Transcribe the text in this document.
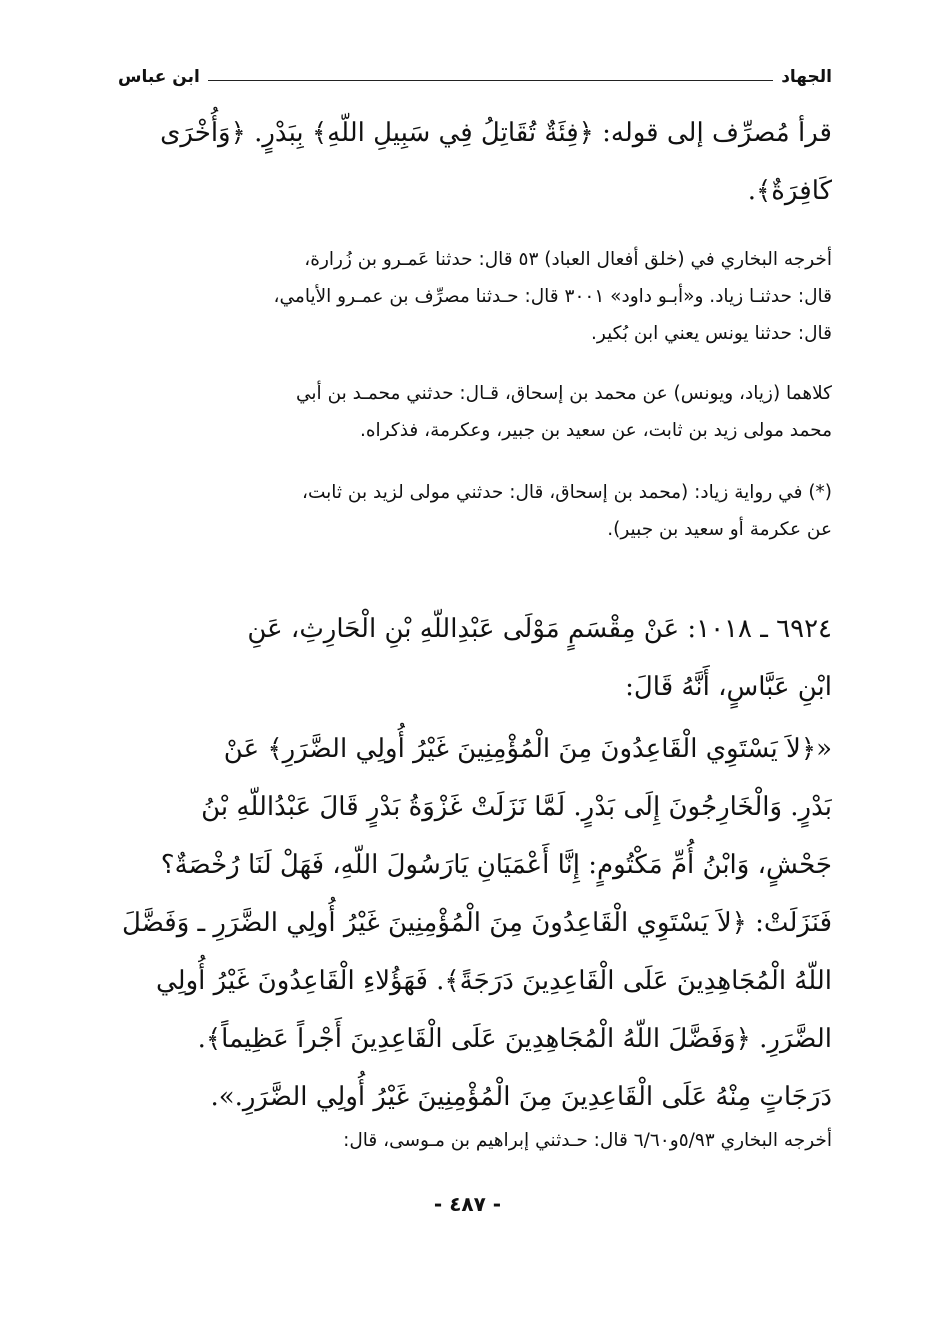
الجهاد
ابن عباس
قرأ مُصرِّف إلى قوله: ﴿فِئَةٌ تُقَاتِلُ فِي سَبِيلِ اللّهِ﴾ بِبَدْرٍ. ﴿وَأُخْرَى
كَافِرَةٌ﴾.
أخرجه البخاري في (خلق أفعال العباد) ٥٣ قال: حدثنا عَمـرو بن زُرارة،
قال: حدثنـا زياد. و«أبـو داود» ٣٠٠١ قال: حـدثنا مصرِّف بن عمـرو الأيامي،
قال: حدثنا يونس يعني ابن بُكير.
كلاهما (زياد، ويونس) عن محمد بن إسحاق، قـال: حدثني محمـد بن أبي
محمد مولى زيد بن ثابت، عن سعيد بن جبير، وعكرمة، فذكراه.
(*) في رواية زياد: (محمد بن إسحاق، قال: حدثني مولى لزيد بن ثابت،
عن عكرمة أو سعيد بن جبير).
٦٩٢٤ ـ ١٠١٨: عَنْ مِقْسَمٍ مَوْلَى عَبْدِاللّهِ بْنِ الْحَارِثِ، عَنِ
ابْنِ عَبَّاسٍ، أَنَّهُ قَالَ:
«﴿لاَ يَسْتَوِي الْقَاعِدُونَ مِنَ الْمُؤْمِنِينَ غَيْرُ أُولِي الضَّرَرِ﴾ عَنْ
بَدْرٍ. وَالْخَارِجُونَ إِلَى بَدْرٍ. لَمَّا نَزَلَتْ غَزْوَةُ بَدْرٍ قَالَ عَبْدُاللّهِ بْنُ
جَحْشٍ، وَابْنُ أُمِّ مَكْتُومٍ: إِنَّا أَعْمَيَانِ يَارَسُولَ اللّهِ، فَهَلْ لَنَا رُخْصَةٌ؟
فَنَزَلَتْ: ﴿لاَ يَسْتَوِي الْقَاعِدُونَ مِنَ الْمُؤْمِنِينَ غَيْرُ أُولِي الضَّرَرِ ـ وَفَضَّلَ
اللّهُ الْمُجَاهِدِينَ عَلَى الْقَاعِدِينَ دَرَجَةً﴾. فَهَؤُلاءِ الْقَاعِدُونَ غَيْرُ أُولِي
الضَّرَرِ. ﴿وَفَضَّلَ اللّهُ الْمُجَاهِدِينَ عَلَى الْقَاعِدِينَ أَجْراً عَظِيماً﴾.
دَرَجَاتٍ مِنْهُ عَلَى الْقَاعِدِينَ مِنَ الْمُؤْمِنِينَ غَيْرُ أُولِي الضَّرَرِ.».
أخرجه البخاري ٥/٩٣و٦/٦٠ قال: حـدثني إبراهيم بن مـوسى، قال:
- ٤٨٧ -
